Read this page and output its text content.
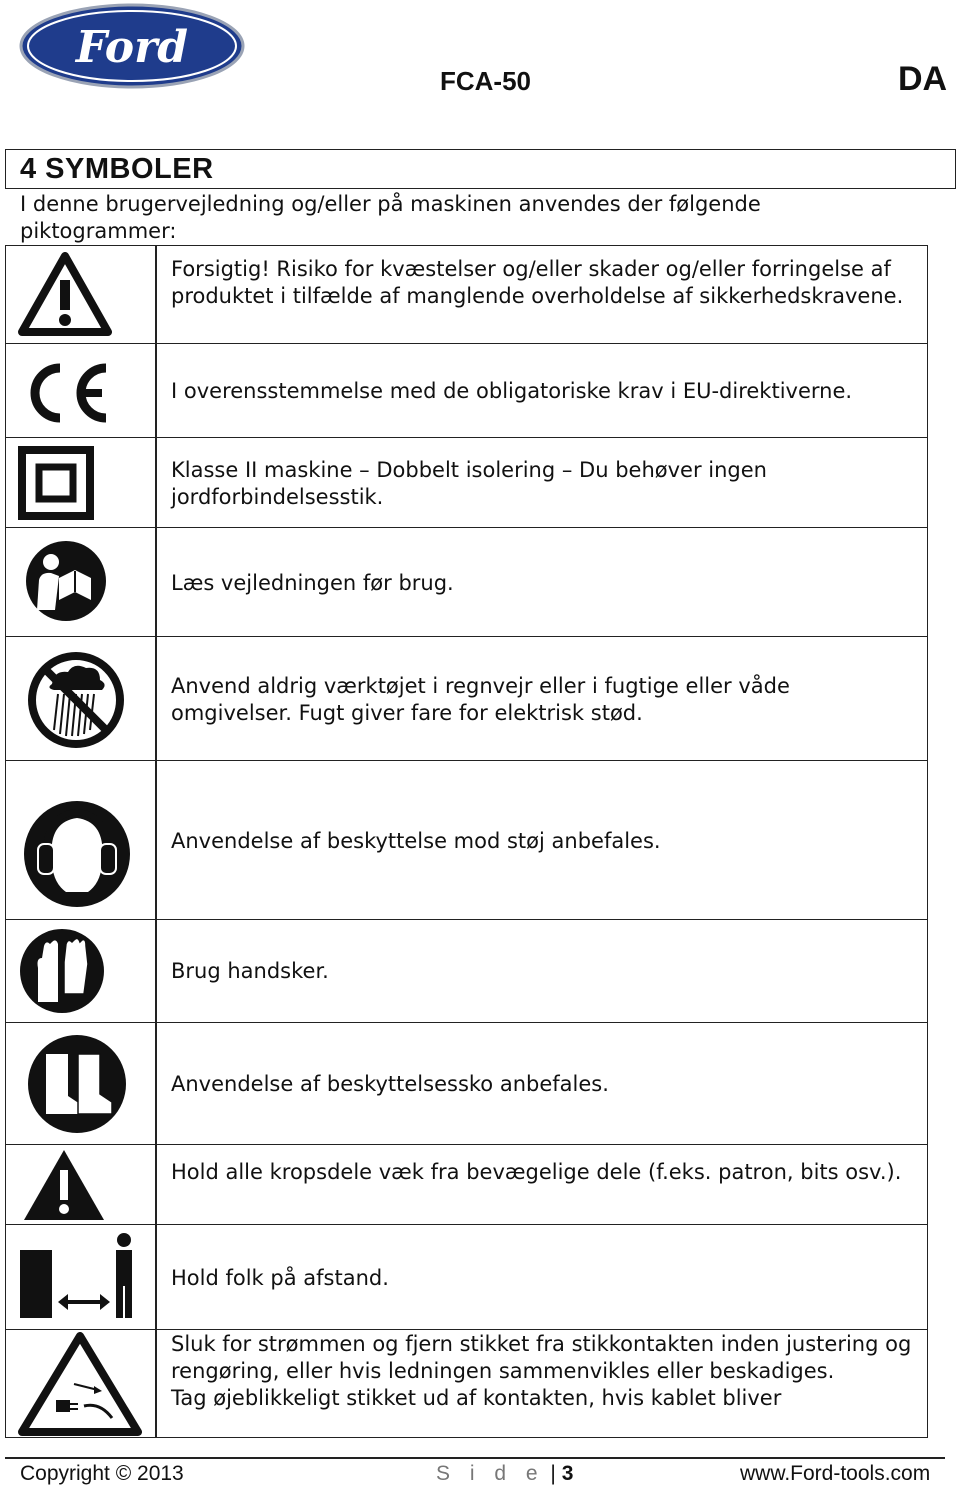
Ford
FCA-50	DA
4 SYMBOLER
I denne brugervejledning og/eller på maskinen anvendes der følgende piktogrammer:
Forsigtig! Risiko for kvæstelser og/eller skader og/eller forringelse af produktet i tilfælde af manglende overholdelse af sikkerhedskravene.
I overensstemmelse med de obligatoriske krav i EU-direktiverne.
Klasse II maskine – Dobbelt isolering – Du behøver ingen jordforbindelsesstik.
Læs vejledningen før brug.
Anvend aldrig værktøjet i regnvejr eller i fugtige eller våde omgivelser. Fugt giver fare for elektrisk stød.
Anvendelse af beskyttelse mod støj anbefales.
Brug handsker.
Anvendelse af beskyttelsessko anbefales.
Hold alle kropsdele væk fra bevægelige dele (f.eks. patron, bits osv.).
Hold folk på afstand.
Sluk for strømmen og fjern stikket fra stikkontakten inden justering og rengøring, eller hvis ledningen sammenvikles eller beskadiges.
Tag øjeblikkeligt stikket ud af kontakten, hvis kablet bliver
Copyright © 2013	S i d e | 3	www.Ford-tools.com
